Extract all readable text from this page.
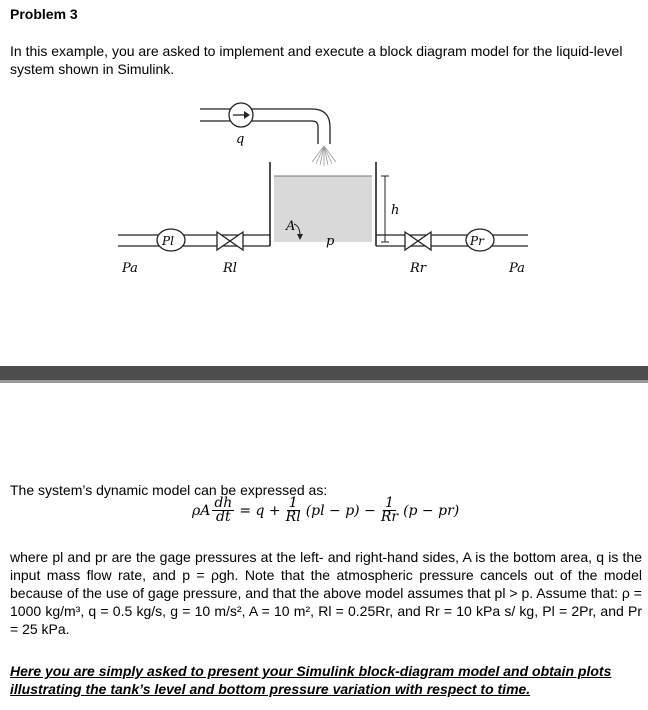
Problem 3
In this example, you are asked to implement and execute a block diagram model for the liquid-level system shown in Simulink.
q
h
A
p
Pl	Pr
Pa	Pa
Rl	Rr
The system’s dynamic model can be expressed as:
ρA $\frac{dh}{dt} = q + \frac{1}{Rl} (pl - p) - \frac{1}{Rr} (p - pr)$
where pl and pr are the gage pressures at the left- and right-hand sides, A is the bottom area, q is the input mass flow rate, and p = ρgh. Note that the atmospheric pressure cancels out of the model because of the use of gage pressure, and that the above model assumes that pl > p. Assume that: ρ = 1000 kg/m³, q = 0.5 kg/s, g = 10 m/s², A = 10 m², Rl = 0.25Rr, and Rr = 10 kPa s/ kg, Pl = 2Pr, and Pr = 25 kPa.
Here you are simply asked to present your Simulink block-diagram model and obtain plots illustrating the tank’s level and bottom pressure variation with respect to time.
